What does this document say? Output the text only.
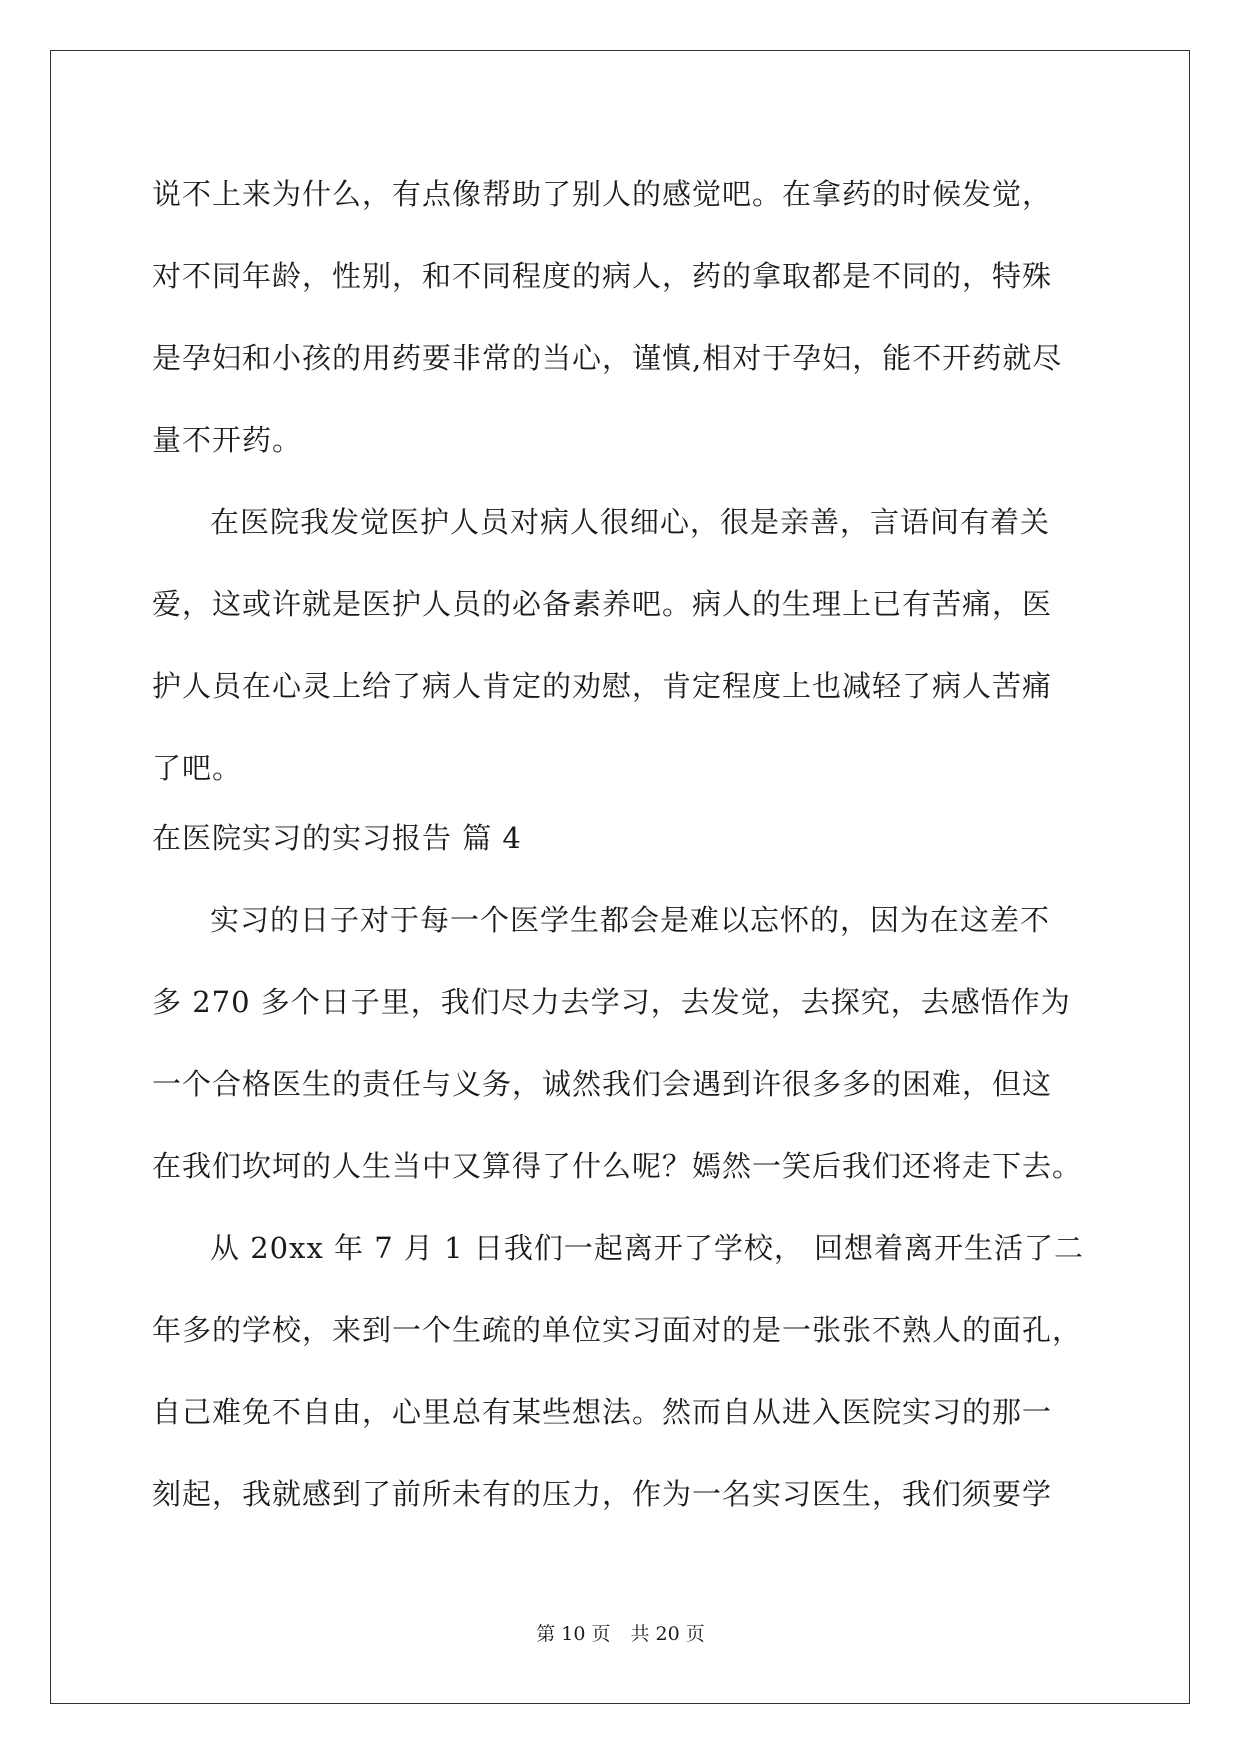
说不上来为什么，有点像帮助了别人的感觉吧。在拿药的时候发觉，
对不同年龄，性别，和不同程度的病人，药的拿取都是不同的，特殊
是孕妇和小孩的用药要非常的当心，谨慎,相对于孕妇，能不开药就尽
量不开药。
在医院我发觉医护人员对病人很细心，很是亲善，言语间有着关
爱，这或许就是医护人员的必备素养吧。病人的生理上已有苦痛，医
护人员在心灵上给了病人肯定的劝慰，肯定程度上也减轻了病人苦痛
了吧。
在医院实习的实习报告 篇 4
实习的日子对于每一个医学生都会是难以忘怀的，因为在这差不
多 270 多个日子里，我们尽力去学习，去发觉，去探究，去感悟作为
一个合格医生的责任与义务，诚然我们会遇到许很多多的困难，但这
在我们坎坷的人生当中又算得了什么呢？嫣然一笑后我们还将走下去。
从 20xx 年 7 月 1 日我们一起离开了学校， 回想着离开生活了二
年多的学校，来到一个生疏的单位实习面对的是一张张不熟人的面孔，
自己难免不自由，心里总有某些想法。然而自从进入医院实习的那一
刻起，我就感到了前所未有的压力，作为一名实习医生，我们须要学
第 10 页 共 20 页
